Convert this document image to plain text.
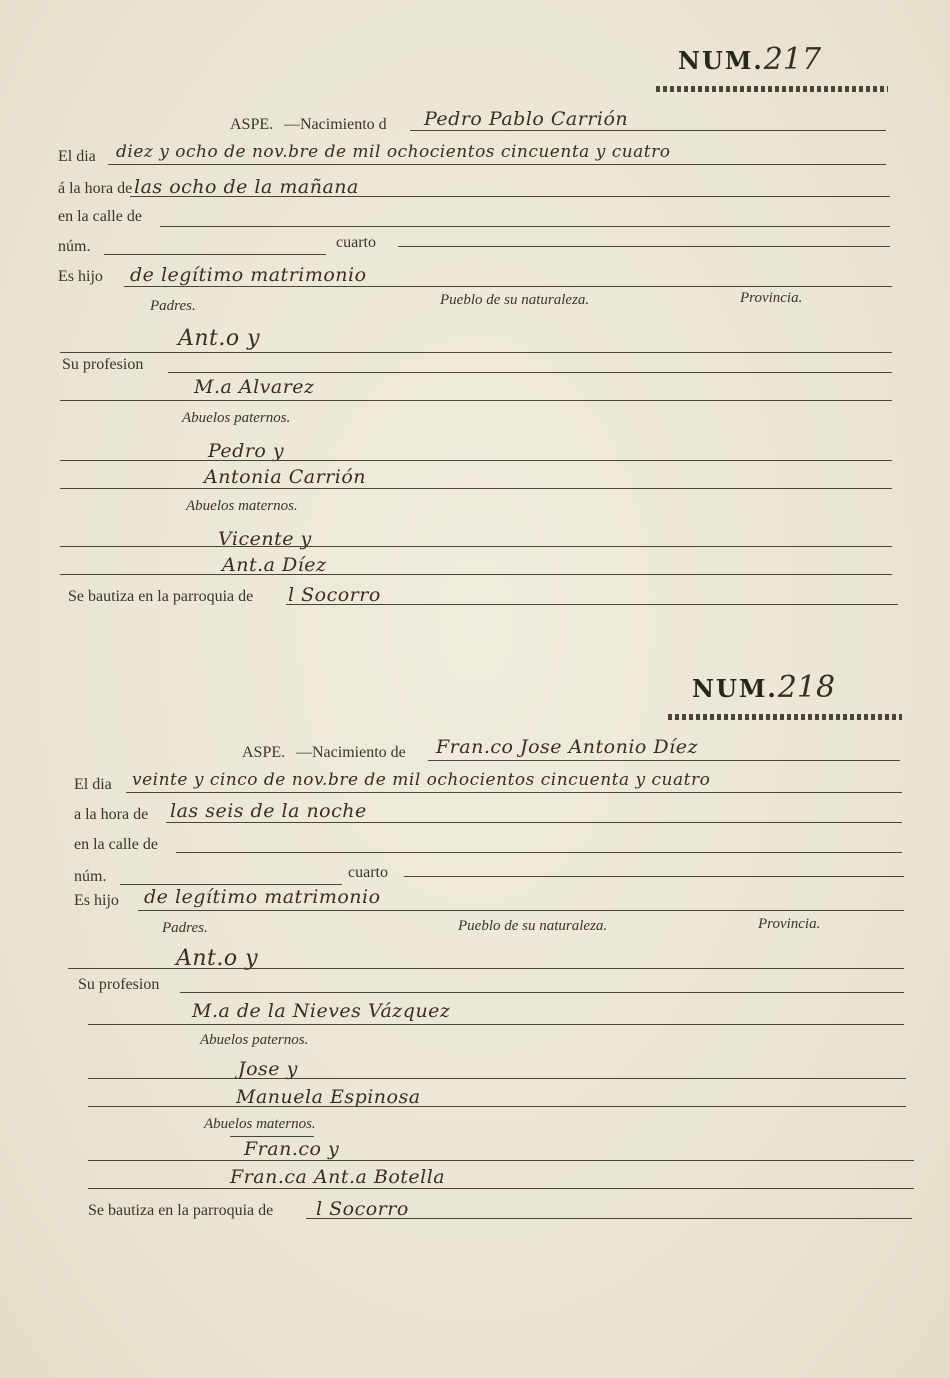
NUM.217
ASPE. —Nacimiento d Pedro Pablo Carrión
El dia diez y ocho de nov.bre de mil ochocientos cincuenta y cuatro
á la hora de las ocho de la mañana
en la calle de
núm.	cuarto
Es hijo de legítimo matrimonio
Padres.	Pueblo de su naturaleza.	Provincia.
Ant.o y
Su profesion
M.a Alvarez
Abuelos paternos.
Pedro y
Antonia Carrión
Abuelos maternos.
Vicente y
Ant.a Díez
Se bautiza en la parroquia de l Socorro
NUM.218
ASPE. —Nacimiento de Fran.co Jose Antonio Díez
El dia veinte y cinco de nov.bre de mil ochocientos cincuenta y cuatro
a la hora de las seis de la noche
en la calle de
núm.	cuarto
Es hijo de legítimo matrimonio
Padres.	Pueblo de su naturaleza.	Provincia.
Ant.o y
Su profesion
M.a de la Nieves Vázquez
Abuelos paternos.
Jose y
Manuela Espinosa
Abuelos maternos.
Fran.co y
Fran.ca Ant.a Botella
Se bautiza en la parroquia de l Socorro
